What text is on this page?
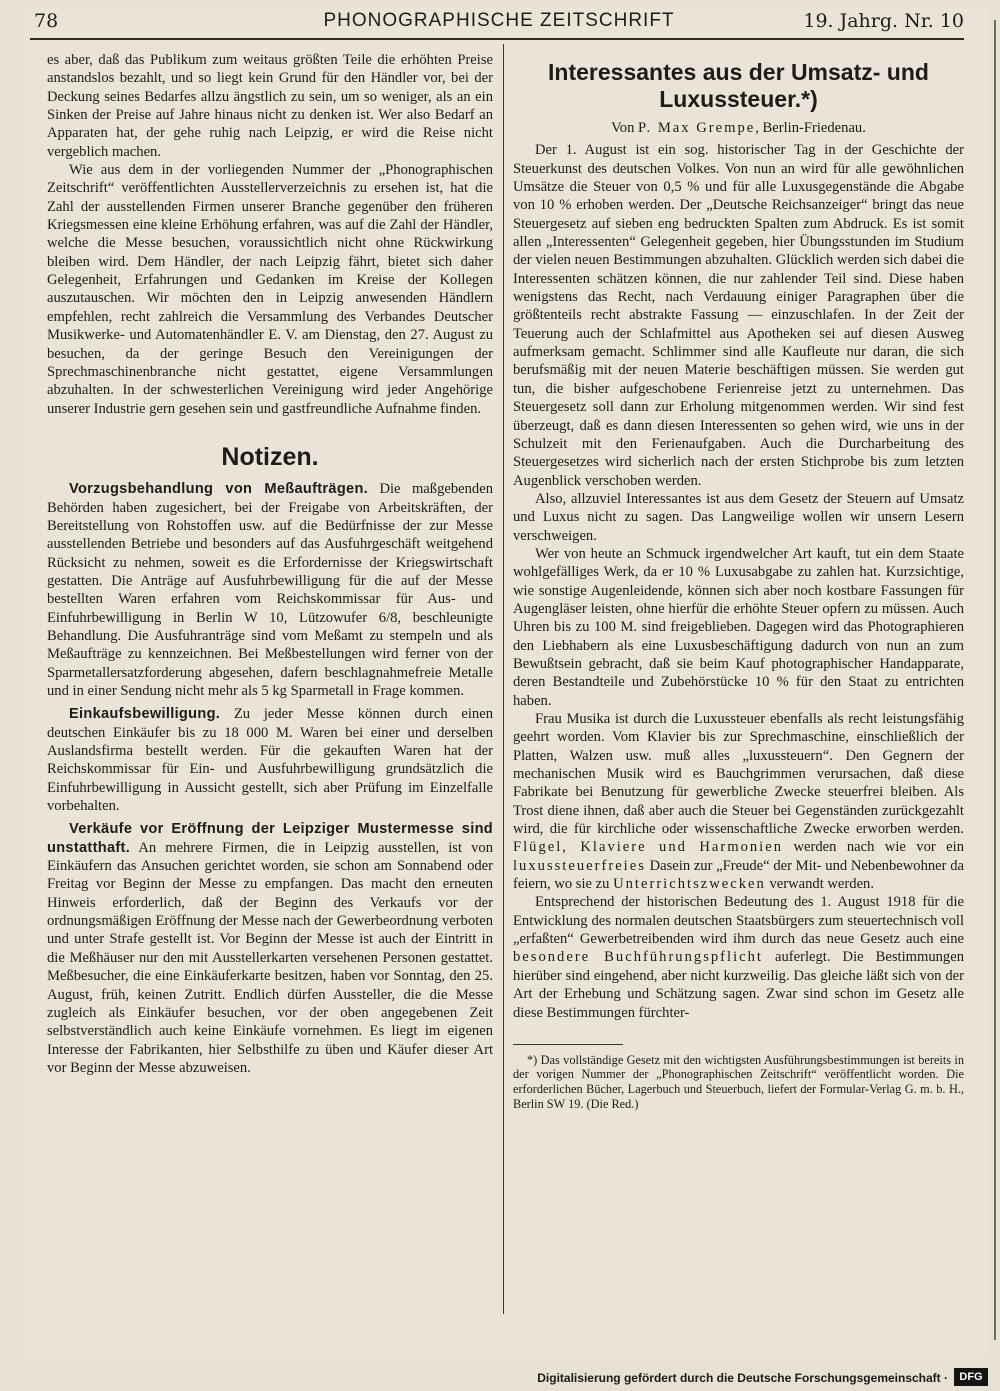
78	PHONOGRAPHISCHE ZEITSCHRIFT	19. Jahrg. Nr. 10

es aber, daß das Publikum zum weitaus größten Teile die erhöhten Preise anstandslos bezahlt, und so liegt kein Grund für den Händler vor, bei der Deckung seines Bedarfes allzu ängstlich zu sein, um so weniger, als an ein Sinken der Preise auf Jahre hinaus nicht zu denken ist. Wer also Bedarf an Apparaten hat, der gehe ruhig nach Leipzig, er wird die Reise nicht vergeblich machen.

Wie aus dem in der vorliegenden Nummer der „Phonographischen Zeitschrift“ veröffentlichten Ausstellerverzeichnis zu ersehen ist, hat die Zahl der ausstellenden Firmen unserer Branche gegenüber den früheren Kriegsmessen eine kleine Erhöhung erfahren, was auf die Zahl der Händler, welche die Messe besuchen, voraussichtlich nicht ohne Rückwirkung bleiben wird. Dem Händler, der nach Leipzig fährt, bietet sich daher Gelegenheit, Erfahrungen und Gedanken im Kreise der Kollegen auszutauschen. Wir möchten den in Leipzig anwesenden Händlern empfehlen, recht zahlreich die Versammlung des Verbandes Deutscher Musikwerke- und Automatenhändler E. V. am Dienstag, den 27. August zu besuchen, da der geringe Besuch den Vereinigungen der Sprechmaschinenbranche nicht gestattet, eigene Versammlungen abzuhalten. In der schwesterlichen Vereinigung wird jeder Angehörige unserer Industrie gern gesehen sein und gastfreundliche Aufnahme finden.

Notizen.

Vorzugsbehandlung von Meßaufträgen. Die maßgebenden Behörden haben zugesichert, bei der Freigabe von Arbeitskräften, der Bereitstellung von Rohstoffen usw. auf die Bedürfnisse der zur Messe ausstellenden Betriebe und besonders auf das Ausfuhrgeschäft weitgehend Rücksicht zu nehmen, soweit es die Erfordernisse der Kriegswirtschaft gestatten. Die Anträge auf Ausfuhrbewilligung für die auf der Messe bestellten Waren erfahren vom Reichskommissar für Aus- und Einfuhrbewilligung in Berlin W 10, Lützowufer 6/8, beschleunigte Behandlung. Die Ausfuhranträge sind vom Meßamt zu stempeln und als Meßaufträge zu kennzeichnen. Bei Meßbestellungen wird ferner von der Sparmetallersatzforderung abgesehen, dafern beschlagnahmefreie Metalle und in einer Sendung nicht mehr als 5 kg Sparmetall in Frage kommen.

Einkaufsbewilligung. Zu jeder Messe können durch einen deutschen Einkäufer bis zu 18 000 M. Waren bei einer und derselben Auslandsfirma bestellt werden. Für die gekauften Waren hat der Reichskommissar für Ein- und Ausfuhrbewilligung grundsätzlich die Einfuhrbewilligung in Aussicht gestellt, sich aber Prüfung im Einzelfalle vorbehalten.

Verkäufe vor Eröffnung der Leipziger Mustermesse sind unstatthaft. An mehrere Firmen, die in Leipzig ausstellen, ist von Einkäufern das Ansuchen gerichtet worden, sie schon am Sonnabend oder Freitag vor Beginn der Messe zu empfangen. Das macht den erneuten Hinweis erforderlich, daß der Beginn des Verkaufs vor der ordnungsmäßigen Eröffnung der Messe nach der Gewerbeordnung verboten und unter Strafe gestellt ist. Vor Beginn der Messe ist auch der Eintritt in die Meßhäuser nur den mit Ausstellerkarten versehenen Personen gestattet. Meßbesucher, die eine Einkäuferkarte besitzen, haben vor Sonntag, den 25. August, früh, keinen Zutritt. Endlich dürfen Aussteller, die die Messe zugleich als Einkäufer besuchen, vor der oben angegebenen Zeit selbstverständlich auch keine Einkäufe vornehmen. Es liegt im eigenen Interesse der Fabrikanten, hier Selbsthilfe zu üben und Käufer dieser Art vor Beginn der Messe abzuweisen.

Interessantes aus der Umsatz- und Luxussteuer.*)

Von P. Max Grempe, Berlin-Friedenau.

Der 1. August ist ein sog. historischer Tag in der Geschichte der Steuerkunst des deutschen Volkes. Von nun an wird für alle gewöhnlichen Umsätze die Steuer von 0,5 % und für alle Luxusgegenstände die Abgabe von 10 % erhoben werden. Der „Deutsche Reichsanzeiger“ bringt das neue Steuergesetz auf sieben eng bedruckten Spalten zum Abdruck. Es ist somit allen „Interessenten“ Gelegenheit gegeben, hier Übungsstunden im Studium der vielen neuen Bestimmungen abzuhalten. Glücklich werden sich dabei die Interessenten schätzen können, die nur zahlender Teil sind. Diese haben wenigstens das Recht, nach Verdauung einiger Paragraphen über die größtenteils recht abstrakte Fassung — einzuschlafen. In der Zeit der Teuerung auch der Schlafmittel aus Apotheken sei auf diesen Ausweg aufmerksam gemacht. Schlimmer sind alle Kaufleute nur daran, die sich berufsmäßig mit der neuen Materie beschäftigen müssen. Sie werden gut tun, die bisher aufgeschobene Ferienreise jetzt zu unternehmen. Das Steuergesetz soll dann zur Erholung mitgenommen werden. Wir sind fest überzeugt, daß es dann diesen Interessenten so gehen wird, wie uns in der Schulzeit mit den Ferienaufgaben. Auch die Durcharbeitung des Steuergesetzes wird sicherlich nach der ersten Stichprobe bis zum letzten Augenblick verschoben werden.

Also, allzuviel Interessantes ist aus dem Gesetz der Steuern auf Umsatz und Luxus nicht zu sagen. Das Langweilige wollen wir unsern Lesern verschweigen.

Wer von heute an Schmuck irgendwelcher Art kauft, tut ein dem Staate wohlgefälliges Werk, da er 10 % Luxusabgabe zu zahlen hat. Kurzsichtige, wie sonstige Augenleidende, können sich aber noch kostbare Fassungen für Augengläser leisten, ohne hierfür die erhöhte Steuer opfern zu müssen. Auch Uhren bis zu 100 M. sind freigeblieben. Dagegen wird das Photographieren den Liebhabern als eine Luxusbeschäftigung dadurch von nun an zum Bewußtsein gebracht, daß sie beim Kauf photographischer Handapparate, deren Bestandteile und Zubehörstücke 10 % für den Staat zu entrichten haben.

Frau Musika ist durch die Luxussteuer ebenfalls als recht leistungsfähig geehrt worden. Vom Klavier bis zur Sprechmaschine, einschließlich der Platten, Walzen usw. muß alles „luxussteuern“. Den Gegnern der mechanischen Musik wird es Bauchgrimmen verursachen, daß diese Fabrikate bei Benutzung für gewerbliche Zwecke steuerfrei bleiben. Als Trost diene ihnen, daß aber auch die Steuer bei Gegenständen zurückgezahlt wird, die für kirchliche oder wissenschaftliche Zwecke erworben werden. Flügel, Klaviere und Harmonien werden nach wie vor ein luxussteuerfreies Dasein zur „Freude“ der Mit- und Nebenbewohner da feiern, wo sie zu Unterrichtszwecken verwandt werden.

Entsprechend der historischen Bedeutung des 1. August 1918 für die Entwicklung des normalen deutschen Staatsbürgers zum steuertechnisch voll „erfaßten“ Gewerbetreibenden wird ihm durch das neue Gesetz auch eine besondere Buchführungspflicht auferlegt. Die Bestimmungen hierüber sind eingehend, aber nicht kurzweilig. Das gleiche läßt sich von der Art der Erhebung und Schätzung sagen. Zwar sind schon im Gesetz alle diese Bestimmungen fürchter-

*) Das vollständige Gesetz mit den wichtigsten Ausführungsbestimmungen ist bereits in der vorigen Nummer der „Phonographischen Zeitschrift“ veröffentlicht worden. Die erforderlichen Bücher, Lagerbuch und Steuerbuch, liefert der Formular-Verlag G. m. b. H., Berlin SW 19. (Die Red.)

Digitalisierung gefördert durch die Deutsche Forschungsgemeinschaft ·	DFG
